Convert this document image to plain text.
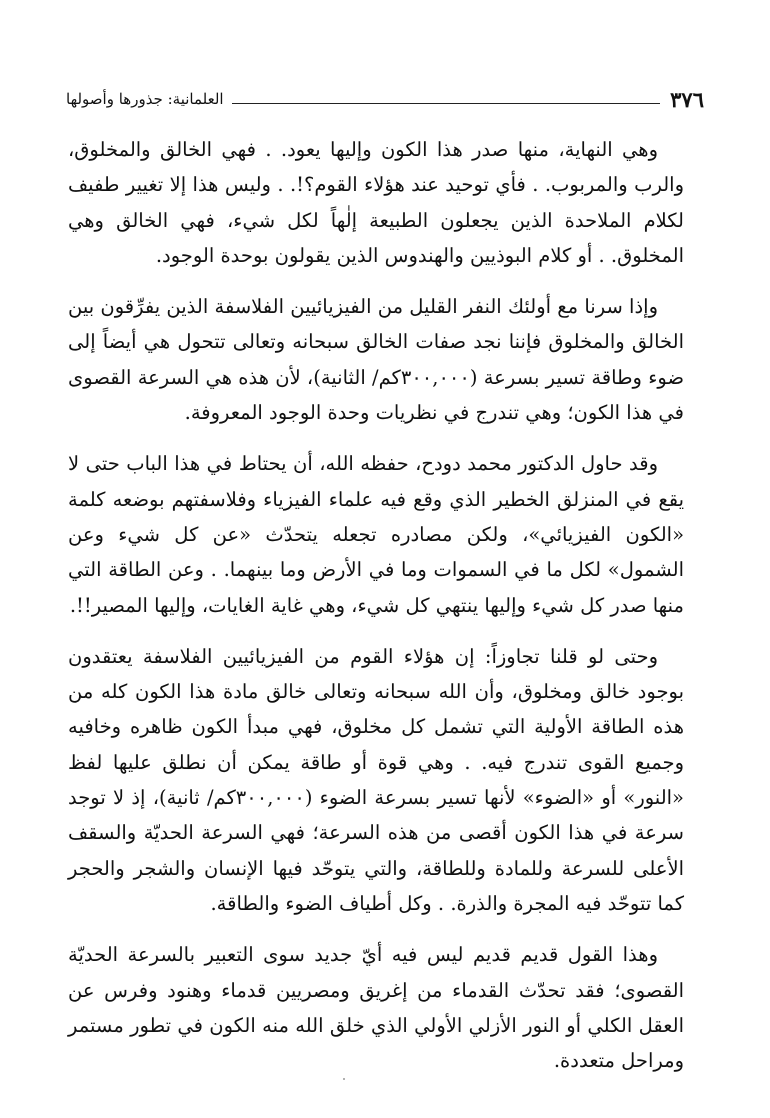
٣٧٦
العلمانية: جذورها وأصولها

وهي النهاية، منها صدر هذا الكون وإليها يعود. . فهي الخالق والمخلوق، والرب والمربوب. . فأي توحيد عند هؤلاء القوم؟!. . وليس هذا إلا تغيير طفيف لكلام الملاحدة الذين يجعلون الطبيعة إلٰهاً لكل شيء، فهي الخالق وهي المخلوق. . أو كلام البوذيين والهندوس الذين يقولون بوحدة الوجود.

وإذا سرنا مع أولئك النفر القليل من الفيزيائيين الفلاسفة الذين يفرِّقون بين الخالق والمخلوق فإننا نجد صفات الخالق سبحانه وتعالى تتحول هي أيضاً إلى ضوء وطاقة تسير بسرعة (٣٠٠,٠٠٠كم/ الثانية)، لأن هذه هي السرعة القصوى في هذا الكون؛ وهي تندرج في نظريات وحدة الوجود المعروفة.

وقد حاول الدكتور محمد دودح، حفظه الله، أن يحتاط في هذا الباب حتى لا يقع في المنزلق الخطير الذي وقع فيه علماء الفيزياء وفلاسفتهم بوضعه كلمة «الكون الفيزيائي»، ولكن مصادره تجعله يتحدّث «عن كل شيء وعن الشمول» لكل ما في السموات وما في الأرض وما بينهما. . وعن الطاقة التي منها صدر كل شيء وإليها ينتهي كل شيء، وهي غاية الغايات، وإليها المصير!!.

وحتى لو قلنا تجاوزاً: إن هؤلاء القوم من الفيزيائيين الفلاسفة يعتقدون بوجود خالق ومخلوق، وأن الله سبحانه وتعالى خالق مادة هذا الكون كله من هذه الطاقة الأولية التي تشمل كل مخلوق، فهي مبدأ الكون ظاهره وخافيه وجميع القوى تندرج فيه. . وهي قوة أو طاقة يمكن أن نطلق عليها لفظ «النور» أو «الضوء» لأنها تسير بسرعة الضوء (٣٠٠,٠٠٠كم/ ثانية)، إذ لا توجد سرعة في هذا الكون أقصى من هذه السرعة؛ فهي السرعة الحديّة والسقف الأعلى للسرعة وللمادة وللطاقة، والتي يتوحّد فيها الإنسان والشجر والحجر كما تتوحّد فيه المجرة والذرة. . وكل أطياف الضوء والطاقة.

وهذا القول قديم قديم ليس فيه أيّ جديد سوى التعبير بالسرعة الحديّة القصوى؛ فقد تحدّث القدماء من إغريق ومصريين قدماء وهنود وفرس عن العقل الكلي أو النور الأزلي الأولي الذي خلق الله منه الكون في تطور مستمر ومراحل متعددة.
